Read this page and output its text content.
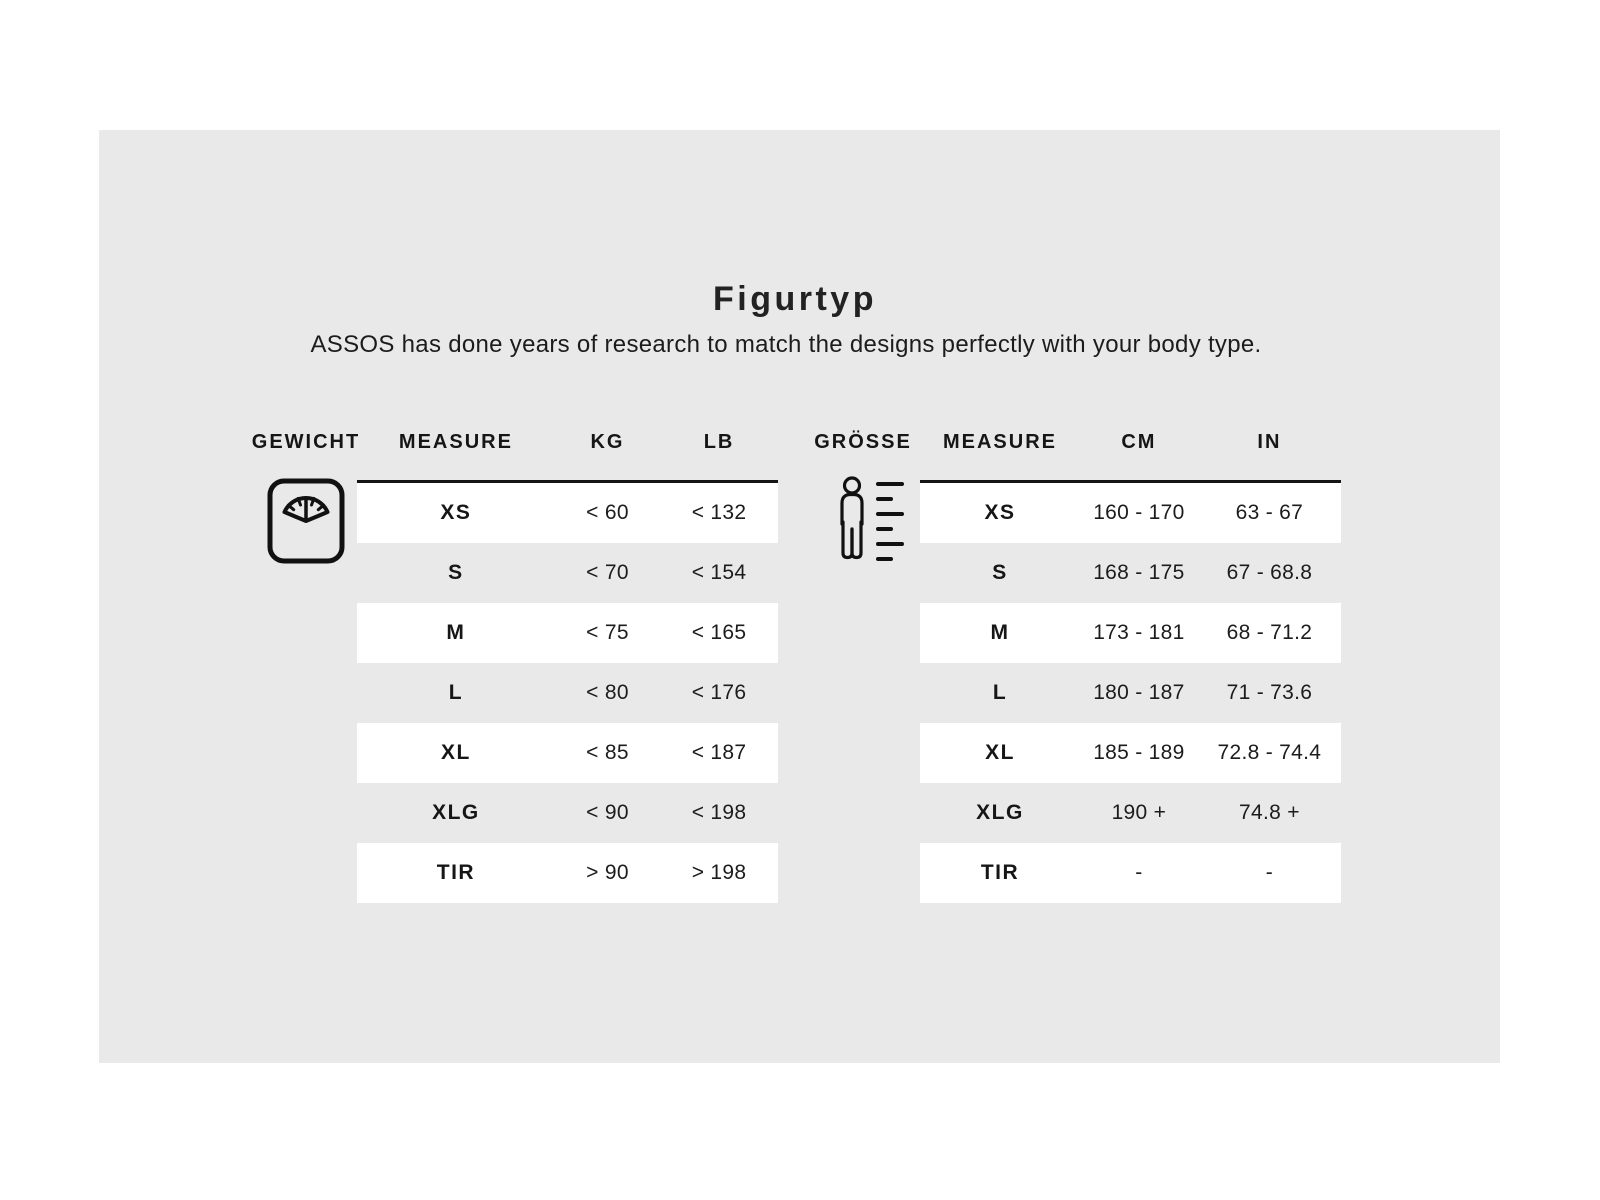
Figurtyp
ASSOS has done years of research to match the designs perfectly with your body type.
GEWICHT	MEASURE	KG	LB
XS	< 60	< 132
S	< 70	< 154
M	< 75	< 165
L	< 80	< 176
XL	< 85	< 187
XLG	< 90	< 198
TIR	> 90	> 198
GRÖSSE	MEASURE	CM	IN
XS	160 - 170	63 - 67
S	168 - 175	67 - 68.8
M	173 - 181	68 - 71.2
L	180 - 187	71 - 73.6
XL	185 - 189	72.8 - 74.4
XLG	190 +	74.8 +
TIR	-	-
